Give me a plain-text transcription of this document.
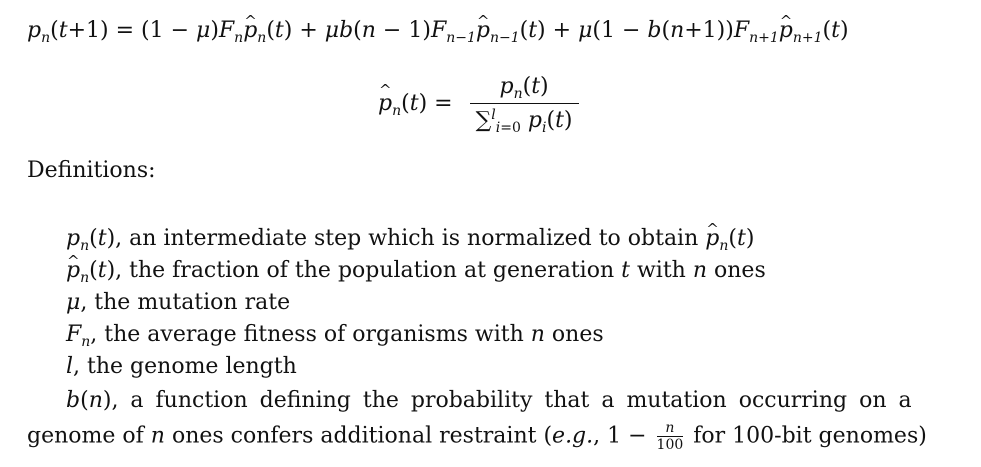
$p_n(t+1) = (1$ − $\mu)F_n\^{}$ $p_n(t) + \mu b(n$ − $1)F_{n-1}\^{}$ $p_{n-1}(t) + \mu(1$ − $b(n+1))F_{n+1}\^{}$ $p_{n+1}(t)$
^ $p_n(t) = \frac{p_n(t)}{\sum^l_{i=0} p_i(t)}$
Definitions:
$p_n(t)$, an intermediate step which is normalized to obtain ^ $p_n(t)$
^ $p_n(t)$, the fraction of the population at generation t with n ones
μ, the mutation rate
$F_n$, the average fitness of organisms with n ones
l, the genome length
b(n), a function defining the probability that a mutation occurring on a
genome of n ones confers additional restraint (e.g., $1 - \frac{n}{100}$ for 100-bit genomes)
